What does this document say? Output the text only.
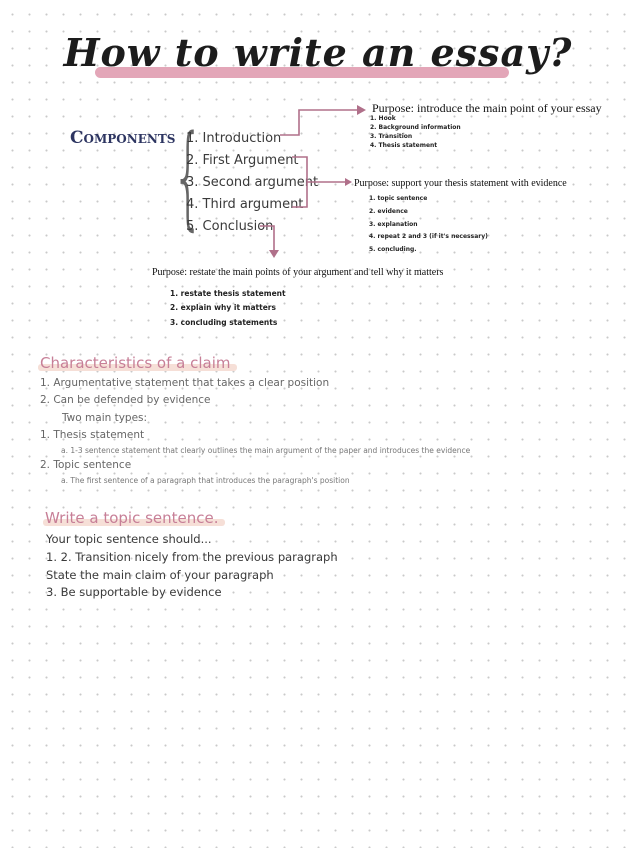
How to write an essay?
Components
{
1. Introduction
2. First Argument
3. Second argument
4. Third argument
5. Conclusion
Purpose: introduce the main point of your essay
1. Hook
2. Background information
3. Transition
4. Thesis statement
Purpose: support your thesis statement with evidence
1. topic sentence
2. evidence
3. explanation
4. repeat 2 and 3 (if it's necessary)
5. concluding.
Purpose: restate the main points of your argument and tell why it matters
1. restate thesis statement
2. explain why it matters
3. concluding statements
Characteristics of a claim
1. Argumentative statement that takes a clear position
2. Can be defended by evidence
Two main types:
1. Thesis statement
a. 1-3 sentence statement that clearly outlines the main argument of the paper and introduces the evidence
2. Topic sentence
a. The first sentence of a paragraph that introduces the paragraph's position
Write a topic sentence.
Your topic sentence should...
1. 2. Transition nicely from the previous paragraph
State the main claim of your paragraph
3. Be supportable by evidence
